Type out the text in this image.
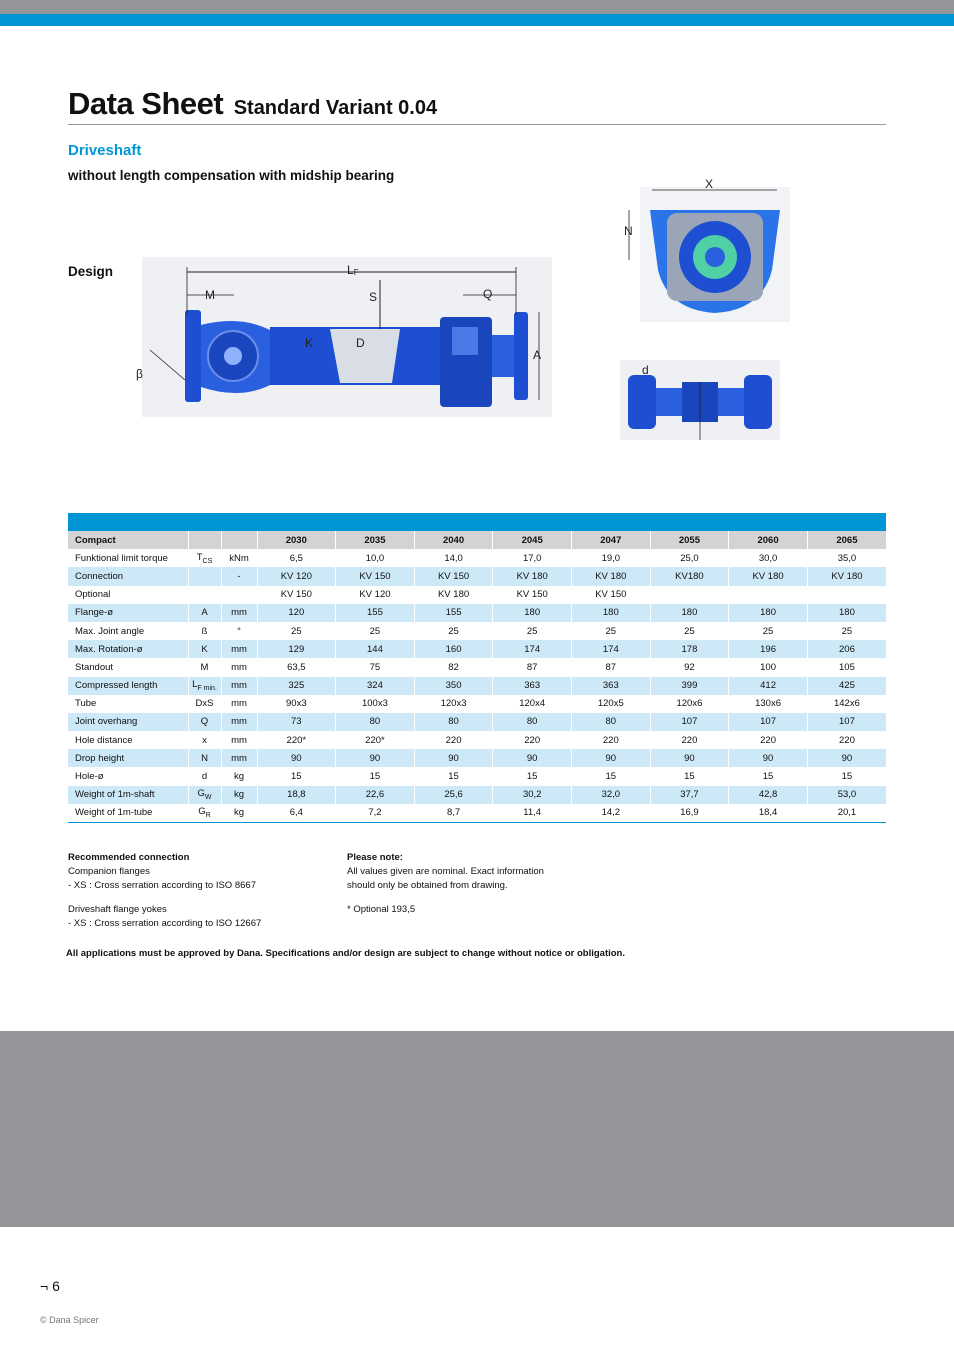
Data Sheet Standard Variant 0.04
Driveshaft
without length compensation with midship bearing
Design	LF
M	S	Q
K	D
A
β
X
N
d
Compact			2030	2035	2040	2045	2047	2055	2060	2065
Funktional limit torque	$T_{CS}$	kNm	6,5	10,0	14,0	17,0	19,0	25,0	30,0	35,0
Connection		-	KV 120	KV 150	KV 150	KV 180	KV 180	KV180	KV 180	KV 180
Optional			KV 150	KV 120	KV 180	KV 150	KV 150			
Flange-ø	A	mm	120	155	155	180	180	180	180	180
Max. Joint angle	ß	°	25	25	25	25	25	25	25	25
Max. Rotation-ø	K	mm	129	144	160	174	174	178	196	206
Standout	M	mm	63,5	75	82	87	87	92	100	105
Compressed length	$L_{F min.}$	mm	325	324	350	363	363	399	412	425
Tube	DxS	mm	90x3	100x3	120x3	120x4	120x5	120x6	130x6	142x6
Joint overhang	Q	mm	73	80	80	80	80	107	107	107
Hole distance	x	mm	220*	220*	220	220	220	220	220	220
Drop height	N	mm	90	90	90	90	90	90	90	90
Hole-ø	d	kg	15	15	15	15	15	15	15	15
Weight of 1m-shaft	$G_W$	kg	18,8	22,6	25,6	30,2	32,0	37,7	42,8	53,0
Weight of 1m-tube	$G_R$	kg	6,4	7,2	8,7	11,4	14,2	16,9	18,4	20,1
Recommended connection
Companion flanges
- XS : Cross serration according to ISO 8667
Driveshaft flange yokes
- XS : Cross serration according to ISO 12667
Please note:
All values given are nominal. Exact information
should only be obtained from drawing.
* Optional 193,5
All applications must be approved by Dana. Specifications and/or design are subject to change without notice or obligation.
¬ 6
© Dana Spicer
